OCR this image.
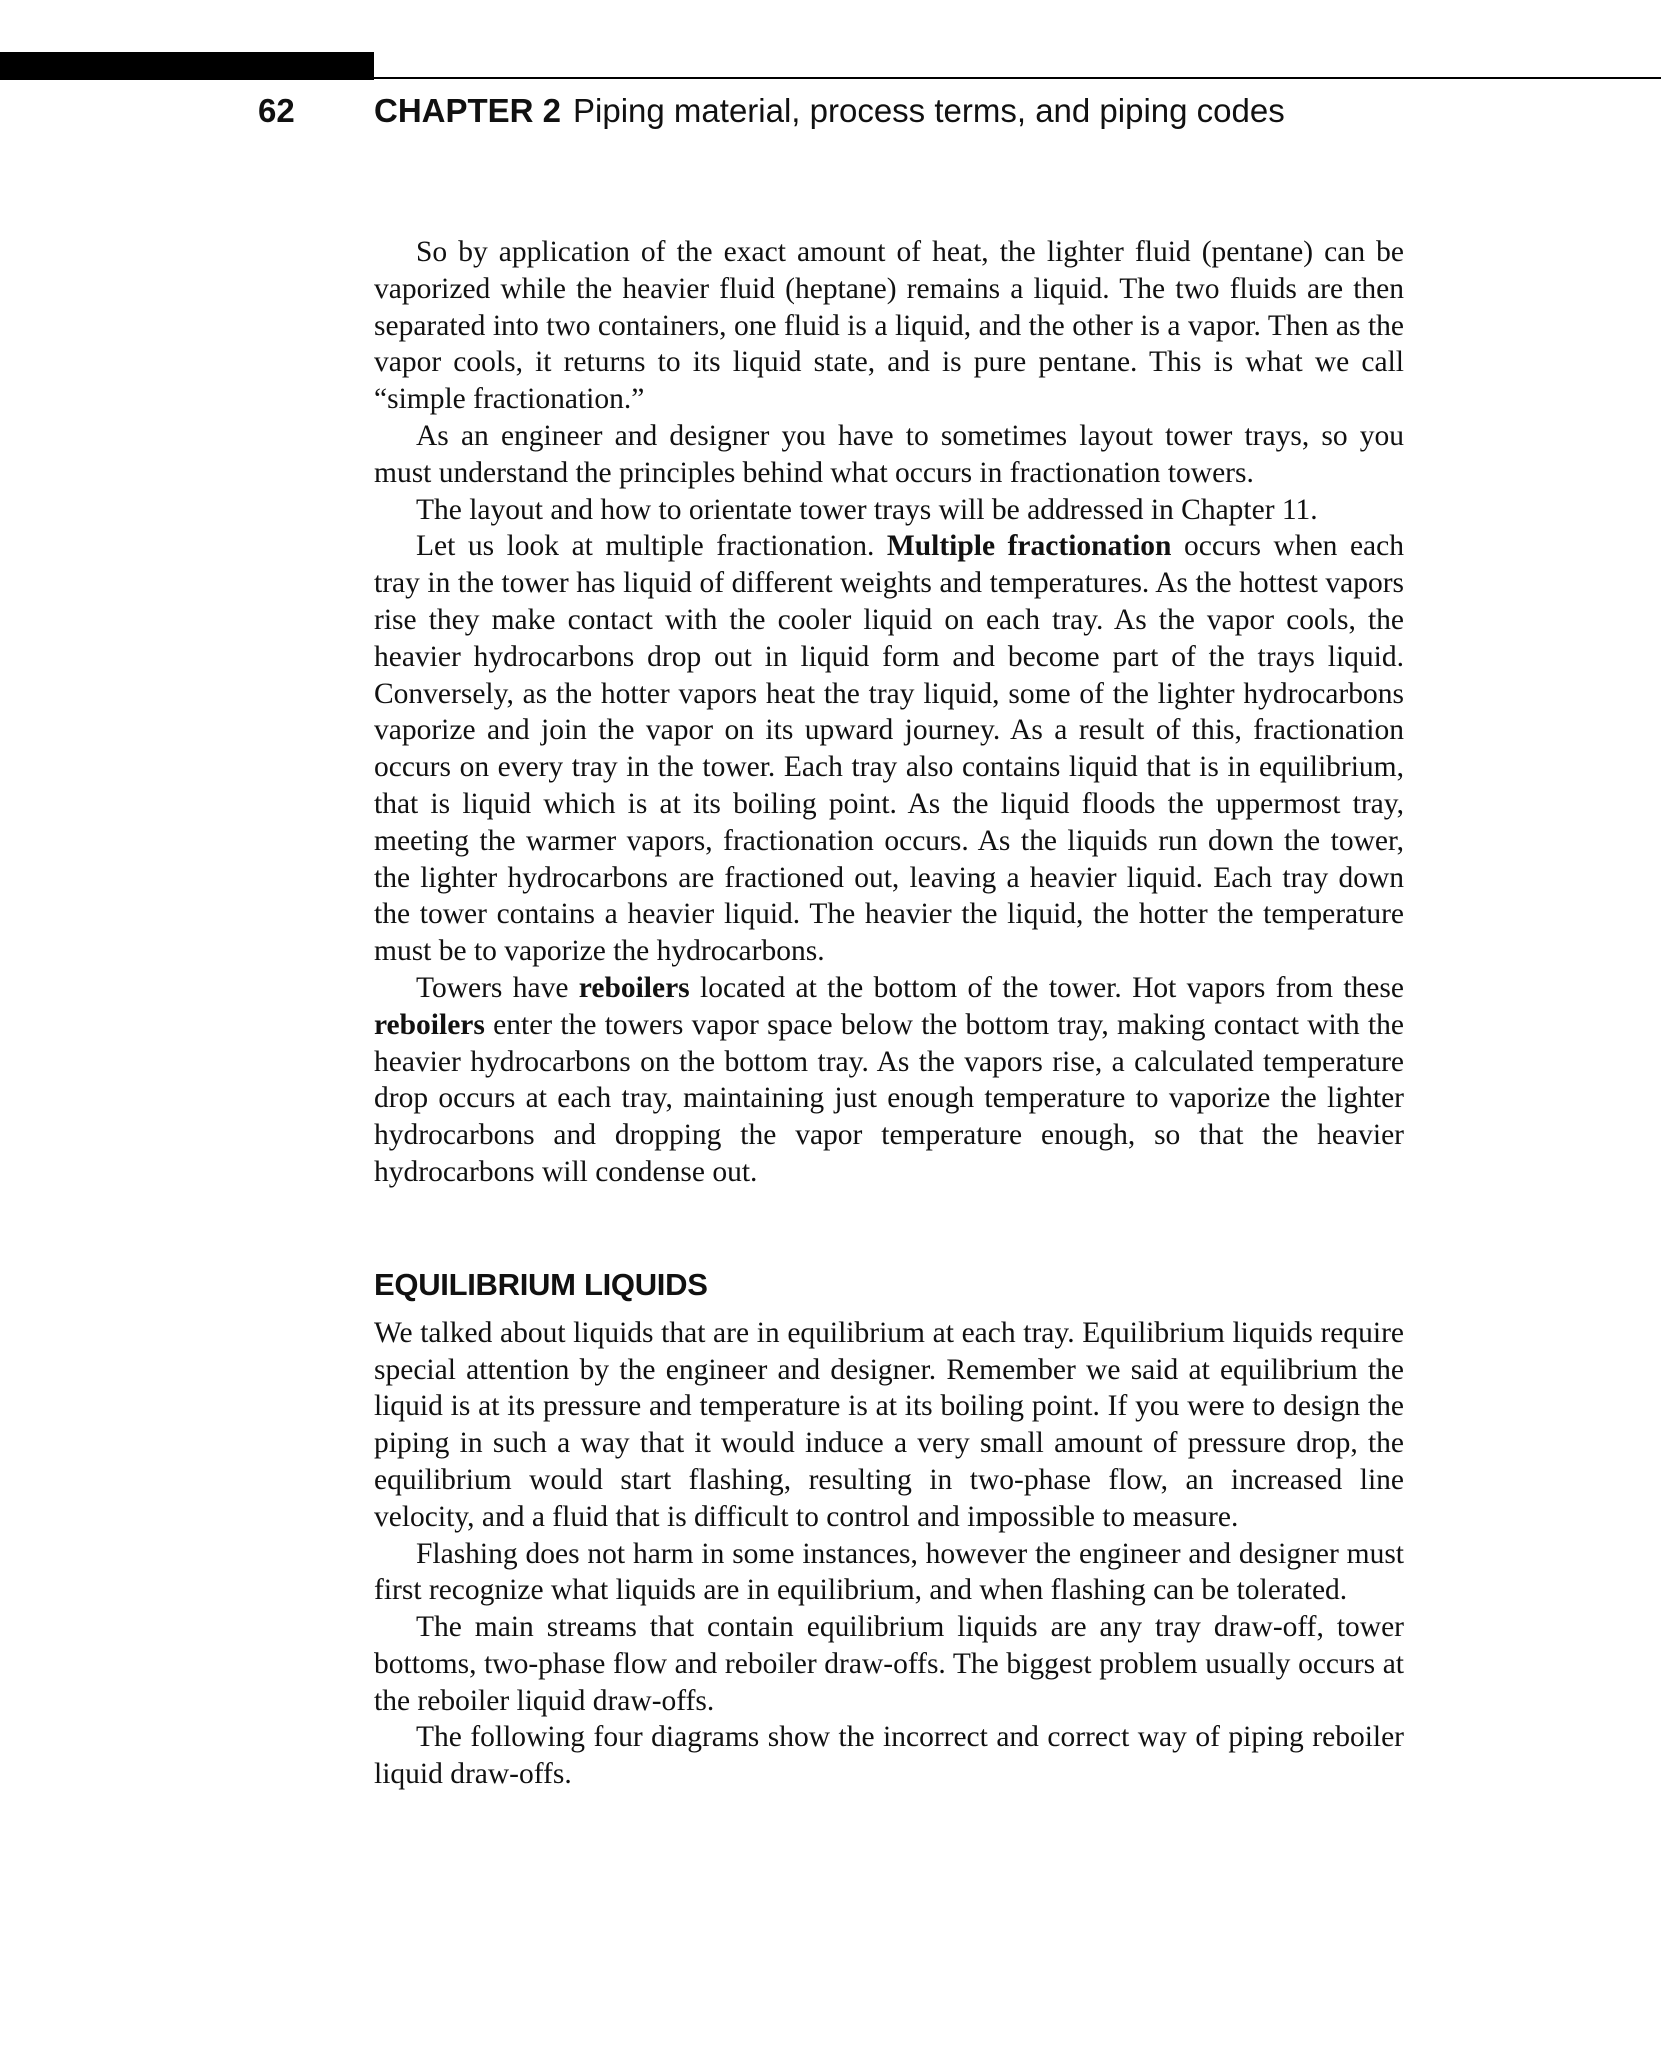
62 CHAPTER 2 Piping material, process terms, and piping codes

So by application of the exact amount of heat, the lighter fluid (pentane) can be vaporized while the heavier fluid (heptane) remains a liquid. The two fluids are then separated into two containers, one fluid is a liquid, and the other is a vapor. Then as the vapor cools, it returns to its liquid state, and is pure pentane. This is what we call “simple fractionation.”

As an engineer and designer you have to sometimes layout tower trays, so you must understand the principles behind what occurs in fractionation towers.

The layout and how to orientate tower trays will be addressed in Chapter 11.

Let us look at multiple fractionation. Multiple fractionation occurs when each tray in the tower has liquid of different weights and temperatures. As the hottest vapors rise they make contact with the cooler liquid on each tray. As the vapor cools, the heavier hydrocarbons drop out in liquid form and become part of the trays liquid. Conversely, as the hotter vapors heat the tray liquid, some of the lighter hydrocarbons vaporize and join the vapor on its upward journey. As a result of this, fractionation occurs on every tray in the tower. Each tray also contains liquid that is in equilibrium, that is liquid which is at its boiling point. As the liquid floods the uppermost tray, meeting the warmer vapors, fractionation occurs. As the liquids run down the tower, the lighter hydrocarbons are fractioned out, leaving a heavier liquid. Each tray down the tower contains a heavier liquid. The heavier the liquid, the hotter the temperature must be to vaporize the hydrocarbons.

Towers have reboilers located at the bottom of the tower. Hot vapors from these reboilers enter the towers vapor space below the bottom tray, making contact with the heavier hydrocarbons on the bottom tray. As the vapors rise, a calculated temperature drop occurs at each tray, maintaining just enough temperature to vaporize the lighter hydrocarbons and dropping the vapor temperature enough, so that the heavier hydrocarbons will condense out.

EQUILIBRIUM LIQUIDS

We talked about liquids that are in equilibrium at each tray. Equilibrium liquids require special attention by the engineer and designer. Remember we said at equilibrium the liquid is at its pressure and temperature is at its boiling point. If you were to design the piping in such a way that it would induce a very small amount of pressure drop, the equilibrium would start flashing, resulting in two-phase flow, an increased line velocity, and a fluid that is difficult to control and impossible to measure.

Flashing does not harm in some instances, however the engineer and designer must first recognize what liquids are in equilibrium, and when flashing can be tolerated.

The main streams that contain equilibrium liquids are any tray draw-off, tower bottoms, two-phase flow and reboiler draw-offs. The biggest problem usually occurs at the reboiler liquid draw-offs.

The following four diagrams show the incorrect and correct way of piping reboiler liquid draw-offs.
